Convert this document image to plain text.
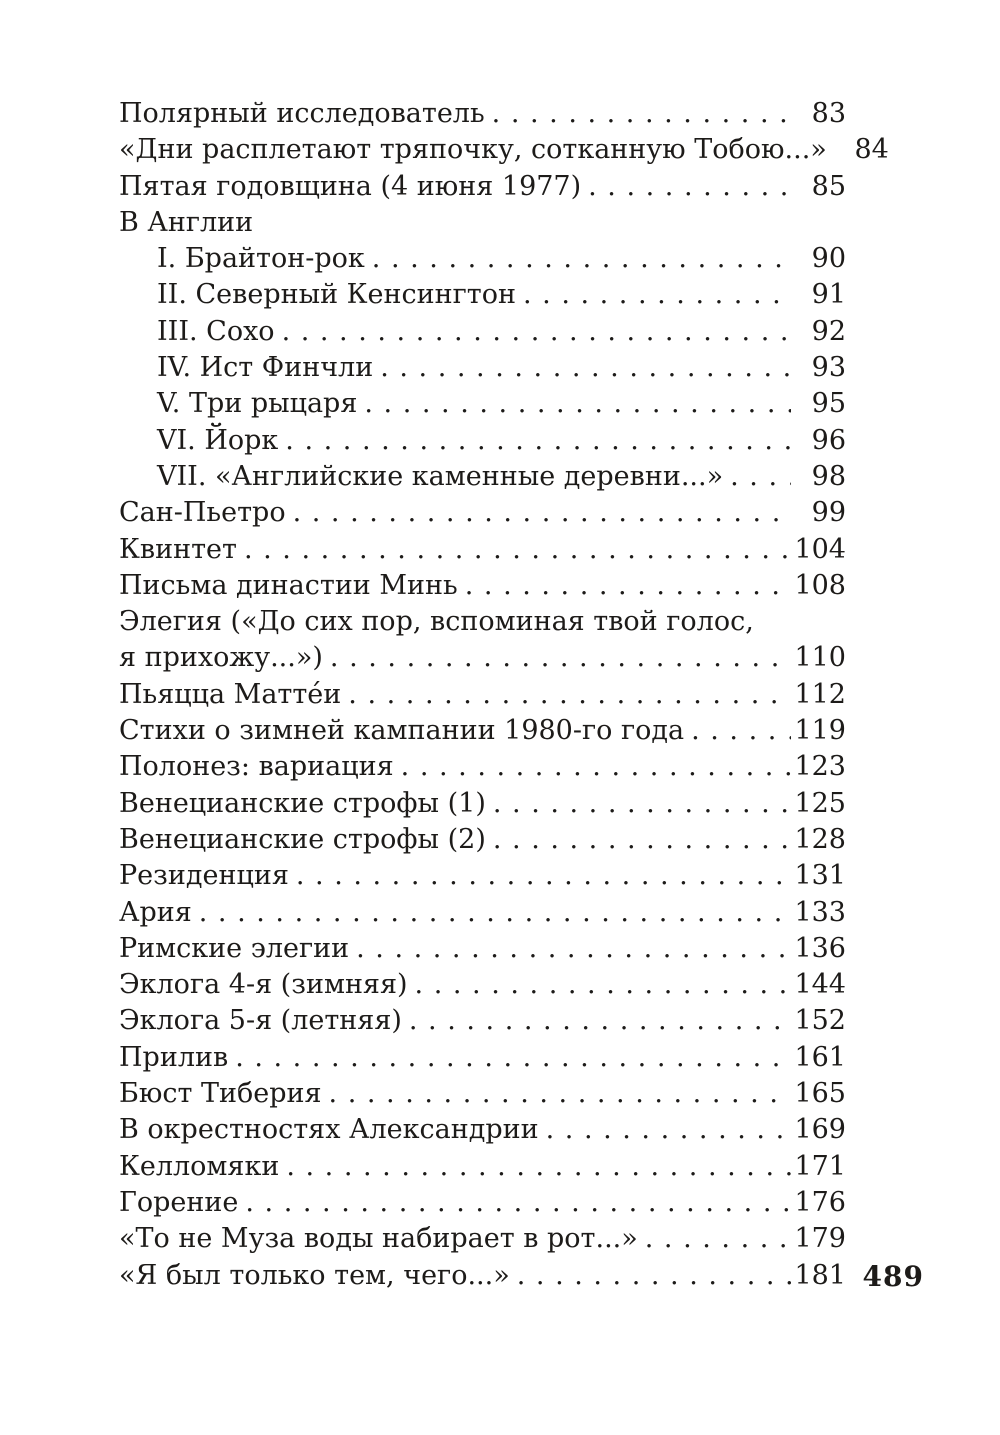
Полярный исследователь . . .	83
«Дни расплетают тряпочку, сотканную Тобою...»	84
Пятая годовщина (4 июня 1977) . . .	85
В Англии
I. Брайтон-рок . . .	90
II. Северный Кенсингтон . . .	91
III. Сохо . . .	92
IV. Ист Финчли . . .	93
V. Три рыцаря . . .	95
VI. Йорк . . .	96
VII. «Английские каменные деревни...» . . .	98
Сан-Пьетро . . .	99
Квинтет . . .	104
Письма династии Минь . . .	108
Элегия («До сих пор, вспоминая твой голос,
я прихожу...») . . .	110
Пьяцца Матте́и . . .	112
Стихи о зимней кампании 1980-го года . . .	119
Полонез: вариация . . .	123
Венецианские строфы (1) . . .	125
Венецианские строфы (2) . . .	128
Резиденция . . .	131
Ария . . .	133
Римские элегии . . .	136
Эклога 4-я (зимняя) . . .	144
Эклога 5-я (летняя) . . .	152
Прилив . . .	161
Бюст Тиберия . . .	165
В окрестностях Александрии . . .	169
Келломяки . . .	171
Горение . . .	176
«То не Муза воды набирает в рот...» . . .	179
«Я был только тем, чего...» . . .	181 489
